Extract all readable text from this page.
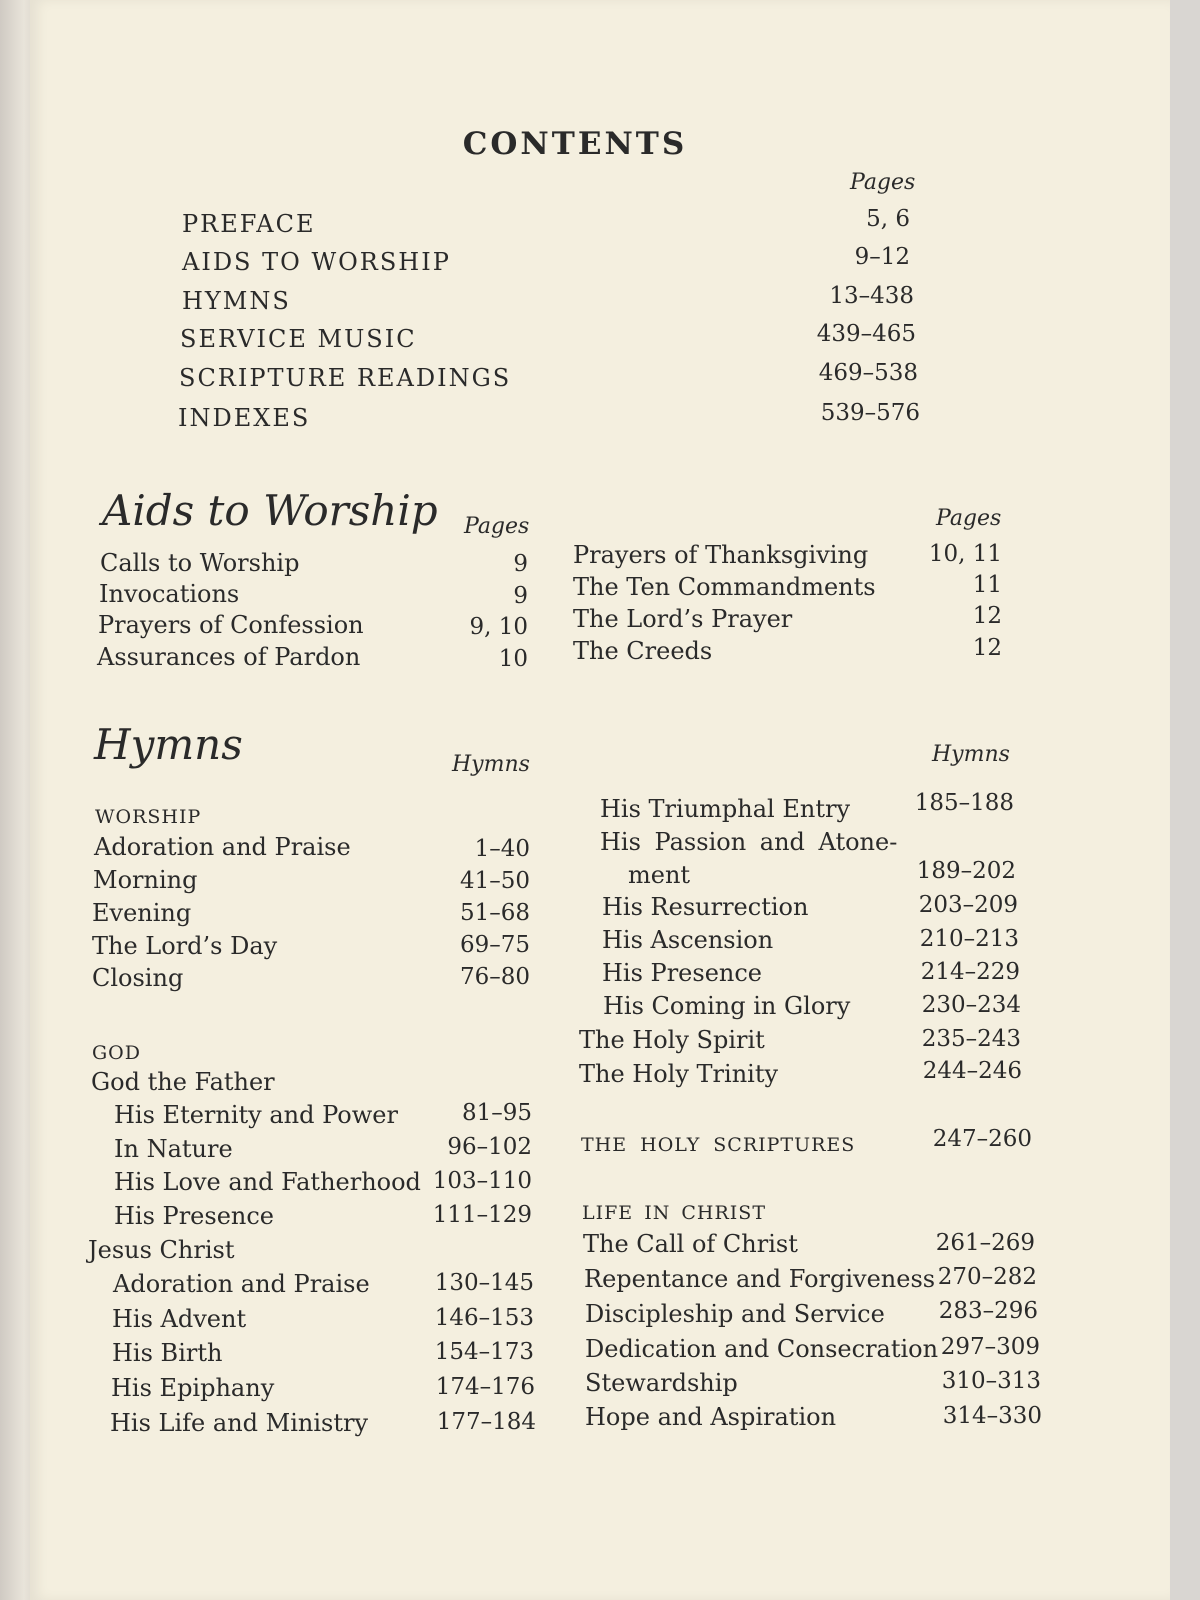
CONTENTS
Pages
PREFACE	5, 6
AIDS TO WORSHIP	9–12
HYMNS	13–438
SERVICE MUSIC	439–465
SCRIPTURE READINGS	469–538
INDEXES	539–576
Aids to Worship Pages	Pages
Calls to Worship	9
Invocations	9
Prayers of Confession	9, 10
Assurances of Pardon	10
Prayers of Thanksgiving	10, 11
The Ten Commandments	11
The Lord’s Prayer	12
The Creeds	12
Hymns	Hymns	Hymns
WORSHIP
Adoration and Praise	1–40
Morning	41–50
Evening	51–68
The Lord’s Day	69–75
Closing	76–80
GOD
God the Father
His Eternity and Power	81–95
In Nature	96–102
His Love and Fatherhood 103–110
His Presence	111–129
Jesus Christ
Adoration and Praise	130–145
His Advent	146–153
His Birth	154–173
His Epiphany	174–176
His Life and Ministry	177–184
His Triumphal Entry	185–188
His Passion and Atone-
ment	189–202
His Resurrection	203–209
His Ascension	210–213
His Presence	214–229
His Coming in Glory	230–234
The Holy Spirit	235–243
The Holy Trinity	244–246
THE HOLY SCRIPTURES	247–260
LIFE IN CHRIST
The Call of Christ	261–269
Repentance and Forgiveness 270–282
Discipleship and Service	283–296
Dedication and Consecration 297–309
Stewardship	310–313
Hope and Aspiration	314–330
